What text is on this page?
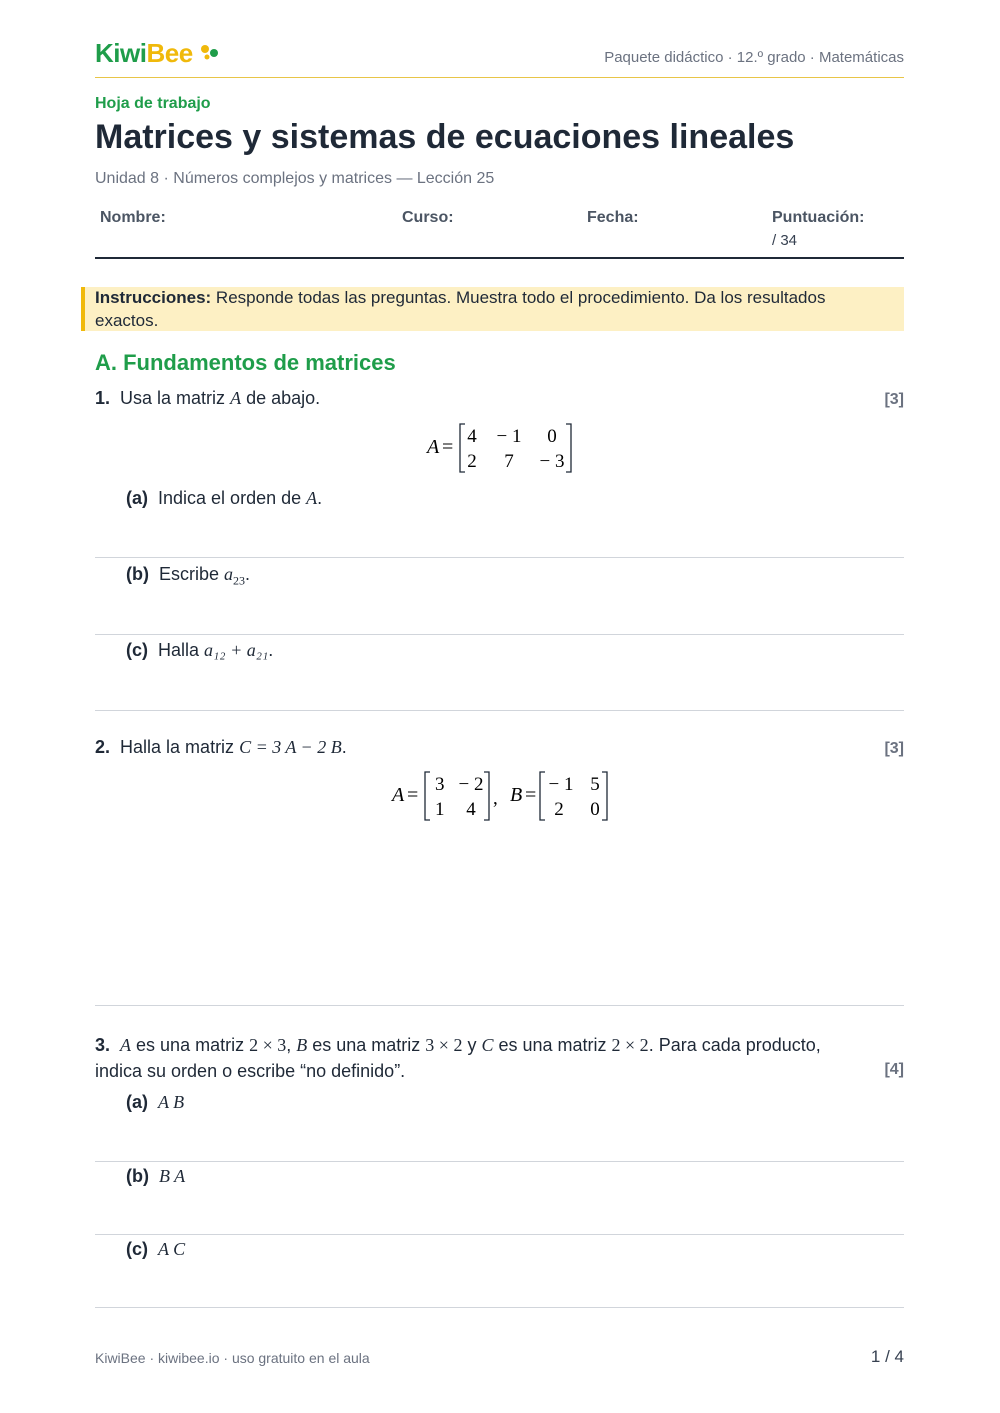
KiwiBee	Paquete didáctico · 12.º grado · Matemáticas
Hoja de trabajo
Matrices y sistemas de ecuaciones lineales
Unidad 8 · Números complejos y matrices — Lección 25
Nombre:	Curso:	Fecha:	Puntuación:
/ 34
Instrucciones: Responde todas las preguntas. Muestra todo el procedimiento. Da los resultados exactos.
A. Fundamentos de matrices
1. Usa la matriz A de abajo.	[3]
A = 4 − 1 0
2 7 − 3
(a) Indica el orden de A.
(b) Escribe $a_{23}$.
(c) Halla a₁₂ + a₂₁.
2. Halla la matriz C = 3 A − 2 B.	[3]
A = 3 − 2
1 4
, B = − 1 5
2 0
3. A es una matriz 2 × 3, B es una matriz 3 × 2 y C es una matriz 2 × 2. Para cada producto,
indica su orden o escribe “no definido”.	[4]
(a) A B
(b) B A
(c) A C
KiwiBee · kiwibee.io · uso gratuito en el aula	1 / 4
